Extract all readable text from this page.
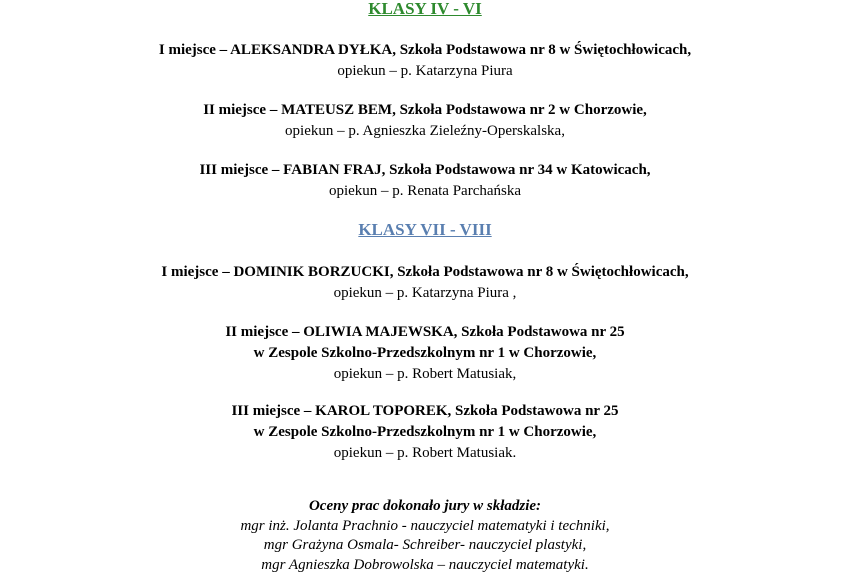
KLASY IV - VI
I miejsce – ALEKSANDRA DYŁKA, Szkoła Podstawowa nr 8 w Świętochłowicach,
opiekun – p. Katarzyna Piura
II miejsce – MATEUSZ BEM, Szkoła Podstawowa nr 2 w Chorzowie,
opiekun – p. Agnieszka Zieleźny-Operskalska,
III miejsce – FABIAN FRAJ, Szkoła Podstawowa nr 34 w Katowicach,
opiekun – p. Renata Parchańska
KLASY VII - VIII
I miejsce – DOMINIK BORZUCKI, Szkoła Podstawowa nr 8 w Świętochłowicach,
opiekun – p. Katarzyna Piura ,
II miejsce – OLIWIA MAJEWSKA, Szkoła Podstawowa nr 25
w Zespole Szkolno-Przedszkolnym nr 1 w Chorzowie,
opiekun – p. Robert Matusiak,
III miejsce – KAROL TOPOREK, Szkoła Podstawowa nr 25
w Zespole Szkolno-Przedszkolnym nr 1 w Chorzowie,
opiekun – p. Robert Matusiak.
Oceny prac dokonało jury w składzie:
mgr inż. Jolanta Prachnio - nauczyciel matematyki i techniki,
mgr Grażyna Osmala- Schreiber- nauczyciel plastyki,
mgr Agnieszka Dobrowolska – nauczyciel matematyki.
